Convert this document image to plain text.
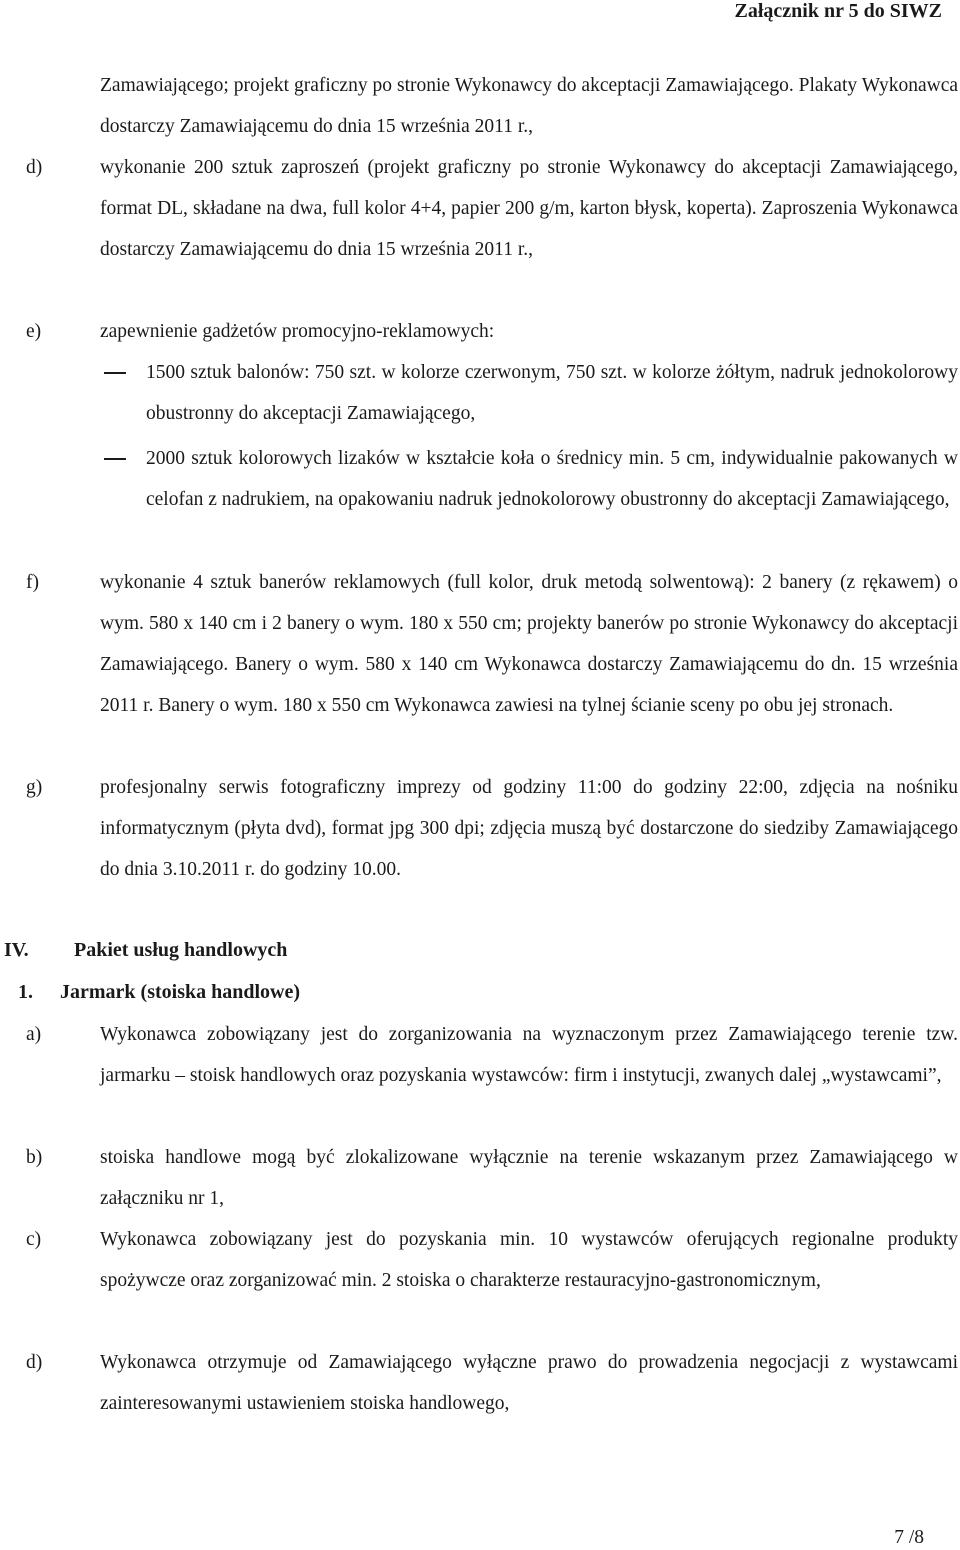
Załącznik nr 5 do SIWZ
Zamawiającego; projekt graficzny po stronie Wykonawcy do akceptacji Zamawiającego. Plakaty Wykonawca dostarczy Zamawiającemu do dnia 15 września 2011 r.,
d)	wykonanie 200 sztuk zaproszeń (projekt graficzny po stronie Wykonawcy do akceptacji Zamawiającego, format DL, składane na dwa, full kolor 4+4, papier 200 g/m, karton błysk, koperta). Zaproszenia Wykonawca dostarczy Zamawiającemu do dnia 15 września 2011 r.,
e)	zapewnienie gadżetów promocyjno-reklamowych:
1500 sztuk balonów: 750 szt. w kolorze czerwonym, 750 szt. w kolorze żółtym, nadruk jednokolorowy obustronny do akceptacji Zamawiającego,
2000 sztuk kolorowych lizaków w kształcie koła o średnicy min. 5 cm, indywidualnie pakowanych w celofan z nadrukiem, na opakowaniu nadruk jednokolorowy obustronny do akceptacji Zamawiającego,
f)	wykonanie 4 sztuk banerów reklamowych (full kolor, druk metodą solwentową): 2 banery (z rękawem) o wym. 580 x 140 cm i 2 banery o wym. 180 x 550 cm; projekty banerów po stronie Wykonawcy do akceptacji Zamawiającego. Banery o wym. 580 x 140 cm Wykonawca dostarczy Zamawiającemu do dn. 15 września 2011 r. Banery o wym. 180 x 550 cm Wykonawca zawiesi na tylnej ścianie sceny po obu jej stronach.
g)	profesjonalny serwis fotograficzny imprezy od godziny 11:00 do godziny 22:00, zdjęcia na nośniku informatycznym (płyta dvd), format jpg 300 dpi; zdjęcia muszą być dostarczone do siedziby Zamawiającego do dnia 3.10.2011 r. do godziny 10.00.
IV. Pakiet usług handlowych
1. Jarmark (stoiska handlowe)
a)	Wykonawca zobowiązany jest do zorganizowania na wyznaczonym przez Zamawiającego terenie tzw. jarmarku – stoisk handlowych oraz pozyskania wystawców: firm i instytucji, zwanych dalej „wystawcami”,
b)	stoiska handlowe mogą być zlokalizowane wyłącznie na terenie wskazanym przez Zamawiającego w załączniku nr 1,
c)	Wykonawca zobowiązany jest do pozyskania min. 10 wystawców oferujących regionalne produkty spożywcze oraz zorganizować min. 2 stoiska o charakterze restauracyjno-gastronomicznym,
d)	Wykonawca otrzymuje od Zamawiającego wyłączne prawo do prowadzenia negocjacji z wystawcami zainteresowanymi ustawieniem stoiska handlowego,
7 /8
